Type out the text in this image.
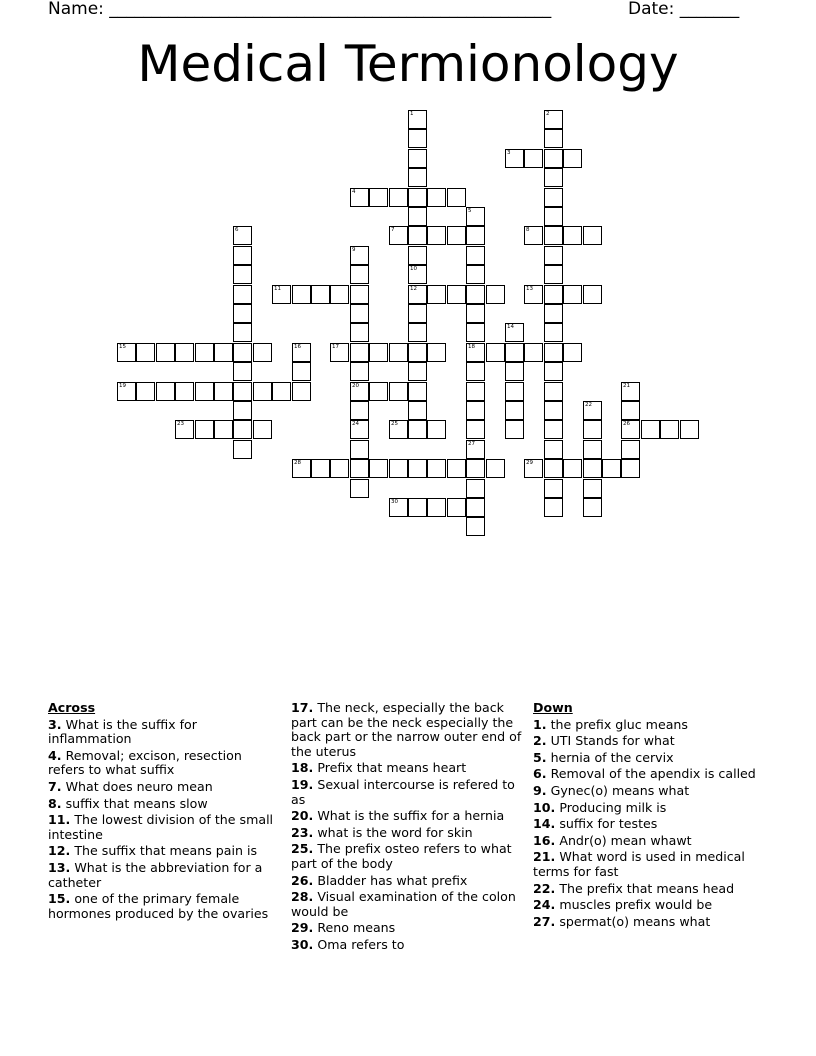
Name: ____________________________________________________	Date: _______
Medical Termionology
3
4
7	8
11	12	13
15	17	18
19	20
23	25	26
28	29
30
1	2
5
6
9
24
10
14
16
21
22
27
Across
3. What is the suffix for inflammation
4. Removal; excison, resection refers to what suffix
7. What does neuro mean
8. suffix that means slow
11. The lowest division of the small intestine
12. The suffix that means pain is
13. What is the abbreviation for a catheter
15. one of the primary female hormones produced by the ovaries
17. The neck, especially the back part can be the neck especially the back part or the narrow outer end of the uterus
18. Prefix that means heart
19. Sexual intercourse is refered to as
20. What is the suffix for a hernia
23. what is the word for skin
25. The prefix osteo refers to what part of the body
26. Bladder has what prefix
28. Visual examination of the colon would be
29. Reno means
30. Oma refers to
Down
1. the prefix gluc means
2. UTI Stands for what
5. hernia of the cervix
6. Removal of the apendix is called
9. Gynec(o) means what
10. Producing milk is
14. suffix for testes
16. Andr(o) mean whawt
21. What word is used in medical terms for fast
22. The prefix that means head
24. muscles prefix would be
27. spermat(o) means what
